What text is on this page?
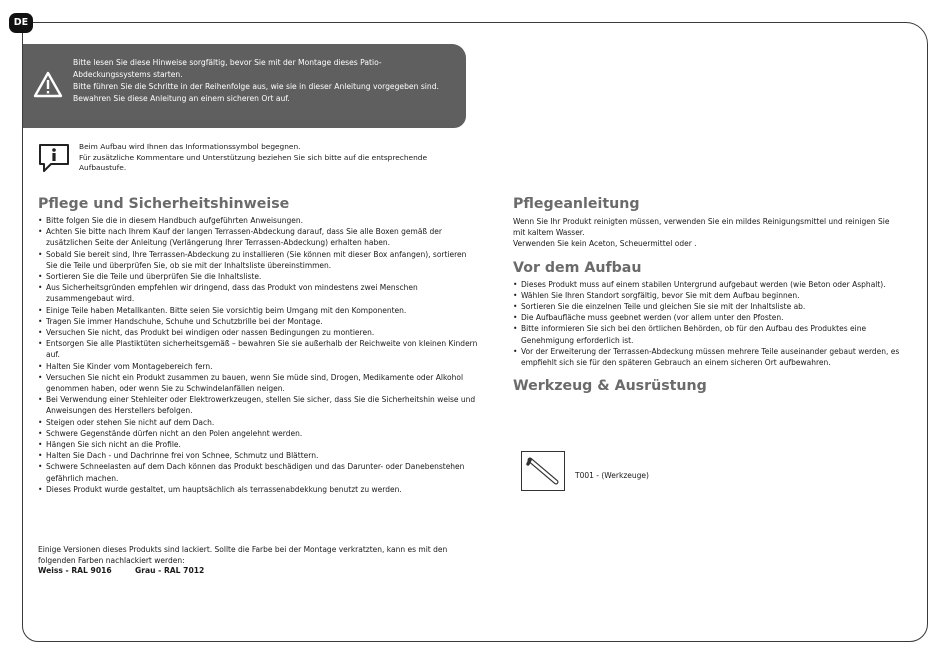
DE

Bitte lesen Sie diese Hinweise sorgfältig, bevor Sie mit der Montage dieses Patio-Abdeckungssystems starten.

Bitte führen Sie die Schritte in der Reihenfolge aus, wie sie in dieser Anleitung vorgegeben sind. Bewahren Sie diese Anleitung an einem sicheren Ort auf.

Beim Aufbau wird Ihnen das Informationssymbol begegnen.

Für zusätzliche Kommentare und Unterstützung beziehen Sie sich bitte auf die entsprechende Aufbaustufe.

Pflege und Sicherheitshinweise
• Bitte folgen Sie die in diesem Handbuch aufgeführten Anweisungen.
• Achten Sie bitte nach Ihrem Kauf der langen Terrassen-Abdeckung darauf, dass Sie alle Boxen gemäß der zusätzlichen Seite der Anleitung (Verlängerung Ihrer Terrassen-Abdeckung) erhalten haben.
• Sobald Sie bereit sind, Ihre Terrassen-Abdeckung zu installieren (Sie können mit dieser Box anfangen), sortieren Sie die Teile und überprüfen Sie, ob sie mit der Inhaltsliste übereinstimmen.
• Sortieren Sie die Teile und überprüfen Sie die Inhaltsliste.
• Aus Sicherheitsgründen empfehlen wir dringend, dass das Produkt von mindestens zwei Menschen zusammengebaut wird.
• Einige Teile haben Metallkanten. Bitte seien Sie vorsichtig beim Umgang mit den Komponenten.
• Tragen Sie immer Handschuhe, Schuhe und Schutzbrille bei der Montage.
• Versuchen Sie nicht, das Produkt bei windigen oder nassen Bedingungen zu montieren.
• Entsorgen Sie alle Plastiktüten sicherheitsgemäß – bewahren Sie sie außerhalb der Reichweite von kleinen Kindern auf.
• Halten Sie Kinder vom Montagebereich fern.
• Versuchen Sie nicht ein Produkt zusammen zu bauen, wenn Sie müde sind, Drogen, Medikamente oder Alkohol genommen haben, oder wenn Sie zu Schwindelanfällen neigen.
• Bei Verwendung einer Stehleiter oder Elektrowerkzeugen, stellen Sie sicher, dass Sie die Sicherheitshin weise und Anweisungen des Herstellers befolgen.
• Steigen oder stehen Sie nicht auf dem Dach.
• Schwere Gegenstände dürfen nicht an den Polen angelehnt werden.
• Hängen Sie sich nicht an die Profile.
• Halten Sie Dach - und Dachrinne frei von Schnee, Schmutz und Blättern.
• Schwere Schneelasten auf dem Dach können das Produkt beschädigen und das Darunter- oder Danebenstehen gefährlich machen.
• Dieses Produkt wurde gestaltet, um hauptsächlich als terrassenabdekkung benutzt zu werden.

Einige Versionen dieses Produkts sind lackiert. Sollte die Farbe bei der Montage verkratzten, kann es mit den folgenden Farben nachlackiert werden:

Weiss - RAL 9016	Grau - RAL 7012
Pflegeanleitung

Wenn Sie Ihr Produkt reinigten müssen, verwenden Sie ein mildes Reinigungsmittel und reinigen Sie mit kaltem Wasser.

Verwenden Sie kein Aceton, Scheuermittel oder .

Vor dem Aufbau
• Dieses Produkt muss auf einem stabilen Untergrund aufgebaut werden (wie Beton oder Asphalt).
• Wählen Sie Ihren Standort sorgfältig, bevor Sie mit dem Aufbau beginnen.
• Sortieren Sie die einzelnen Teile und gleichen Sie sie mit der Inhaltsliste ab.
• Die Aufbaufläche muss geebnet werden (vor allem unter den Pfosten.
• Bitte informieren Sie sich bei den örtlichen Behörden, ob für den Aufbau des Produktes eine Genehmigung erforderlich ist.
• Vor der Erweiterung der Terrassen-Abdeckung müssen mehrere Teile auseinander gebaut werden, es empfiehlt sich sie für den späteren Gebrauch an einem sicheren Ort aufbewahren.
Werkzeug & Ausrüstung
T001 - (Werkzeuge)
